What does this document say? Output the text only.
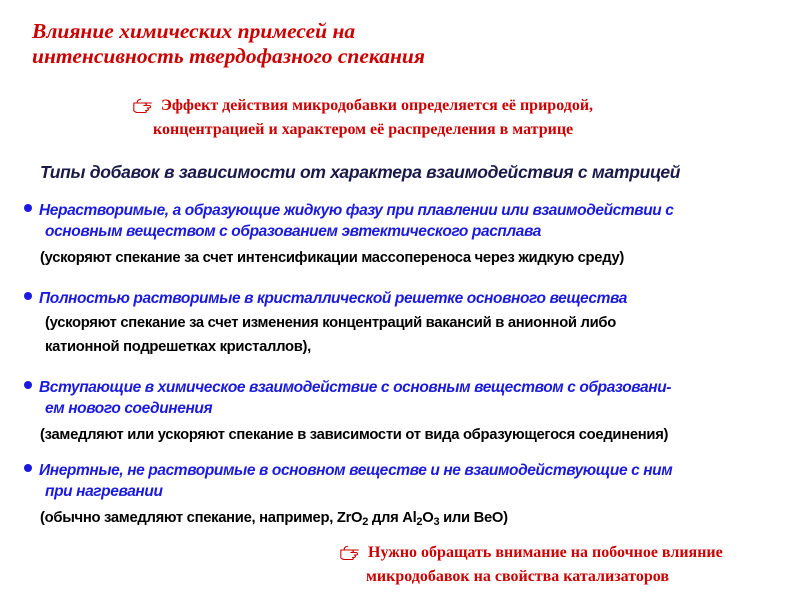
Влияние химических примесей на
интенсивность твердофазного спекания
Эффект действия микродобавки определяется её природой,
концентрацией и характером её распределения в матрице
Типы добавок в зависимости от характера взаимодействия с матрицей
Нерастворимые, а образующие жидкую фазу при плавлении или взаимодействии с
основным веществом с образованием эвтектического расплава
(ускоряют спекание за счет интенсификации массопереноса через жидкую среду)
Полностью растворимые в кристаллической решетке основного вещества
(ускоряют спекание за счет изменения концентраций вакансий в анионной либо
катионной подрешетках кристаллов),
Вступающие в химическое взаимодействие с основным веществом с образовани-
ем нового соединения
(замедляют или ускоряют спекание в зависимости от вида образующегося соединения)
Инертные, не растворимые в основном веществе и не взаимодействующие с ним
при нагревании
(обычно замедляют спекание, например, ZrO$_2$ для $Al_2O_3$ или BeO)
Нужно обращать внимание на побочное влияние
микродобавок на свойства катализаторов
